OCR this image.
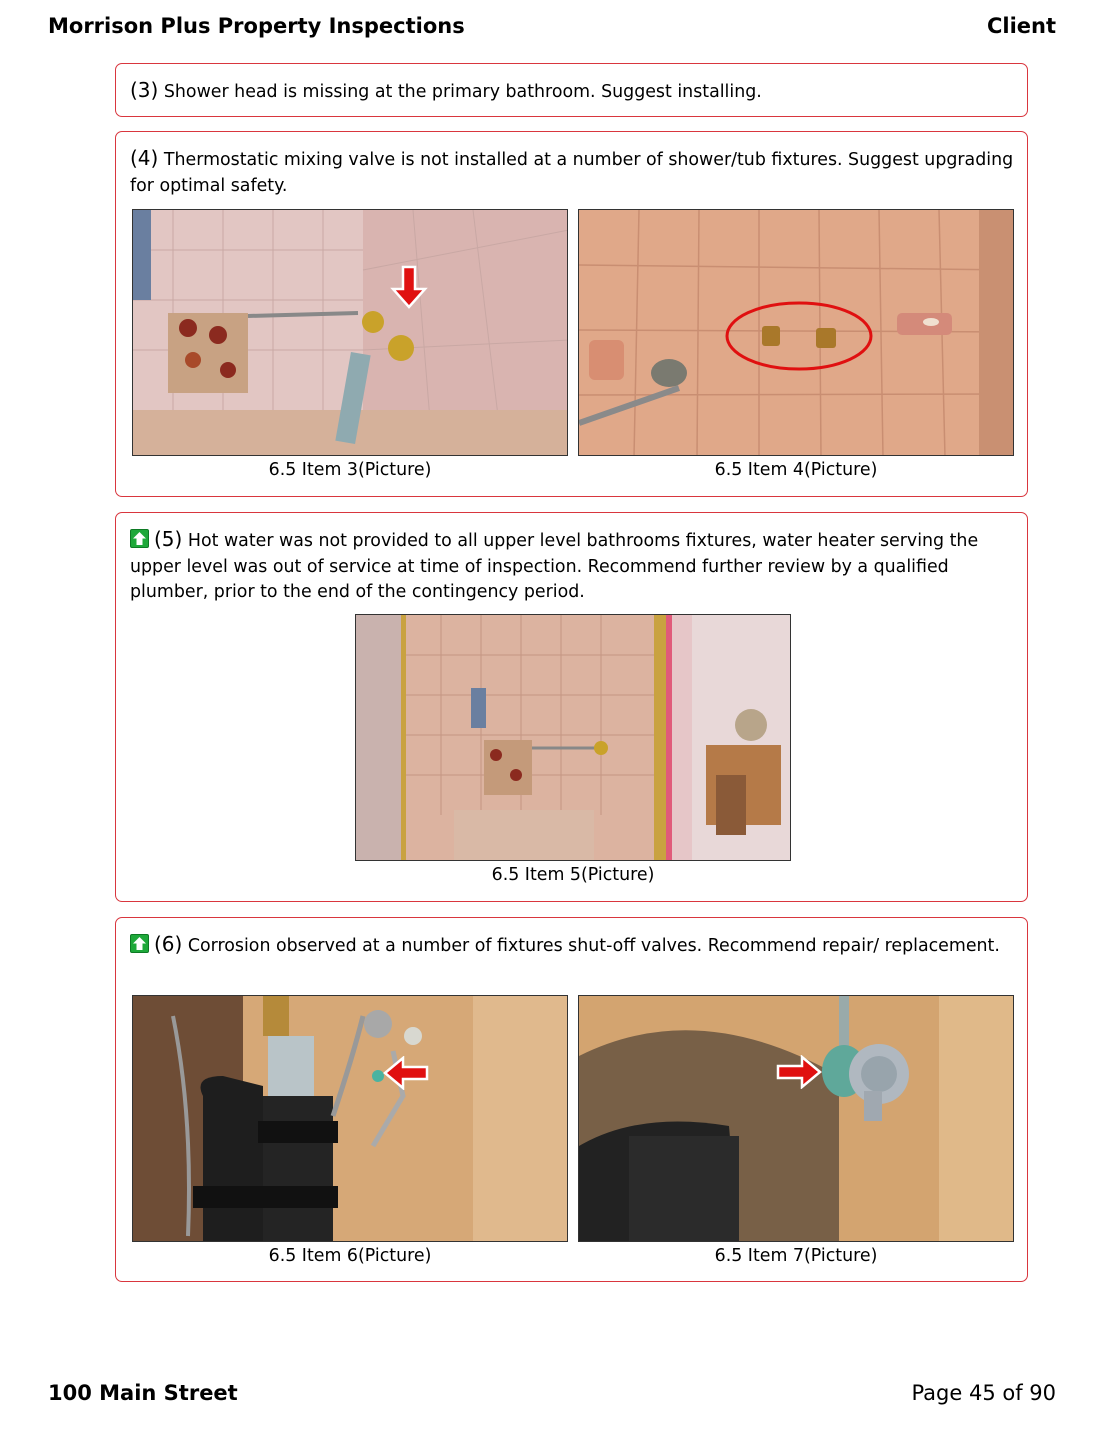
Morrison Plus Property Inspections	Client
(3) Shower head is missing at the primary bathroom. Suggest installing.
(4) Thermostatic mixing valve is not installed at a number of shower/tub fixtures. Suggest upgrading for optimal safety.
6.5 Item 3(Picture)	6.5 Item 4(Picture)
(5) Hot water was not provided to all upper level bathrooms fixtures, water heater serving the upper level was out of service at time of inspection. Recommend further review by a qualified plumber, prior to the end of the contingency period.
6.5 Item 5(Picture)
(6) Corrosion observed at a number of fixtures shut-off valves. Recommend repair/ replacement.
6.5 Item 6(Picture)	6.5 Item 7(Picture)
100 Main Street	Page 45 of 90
